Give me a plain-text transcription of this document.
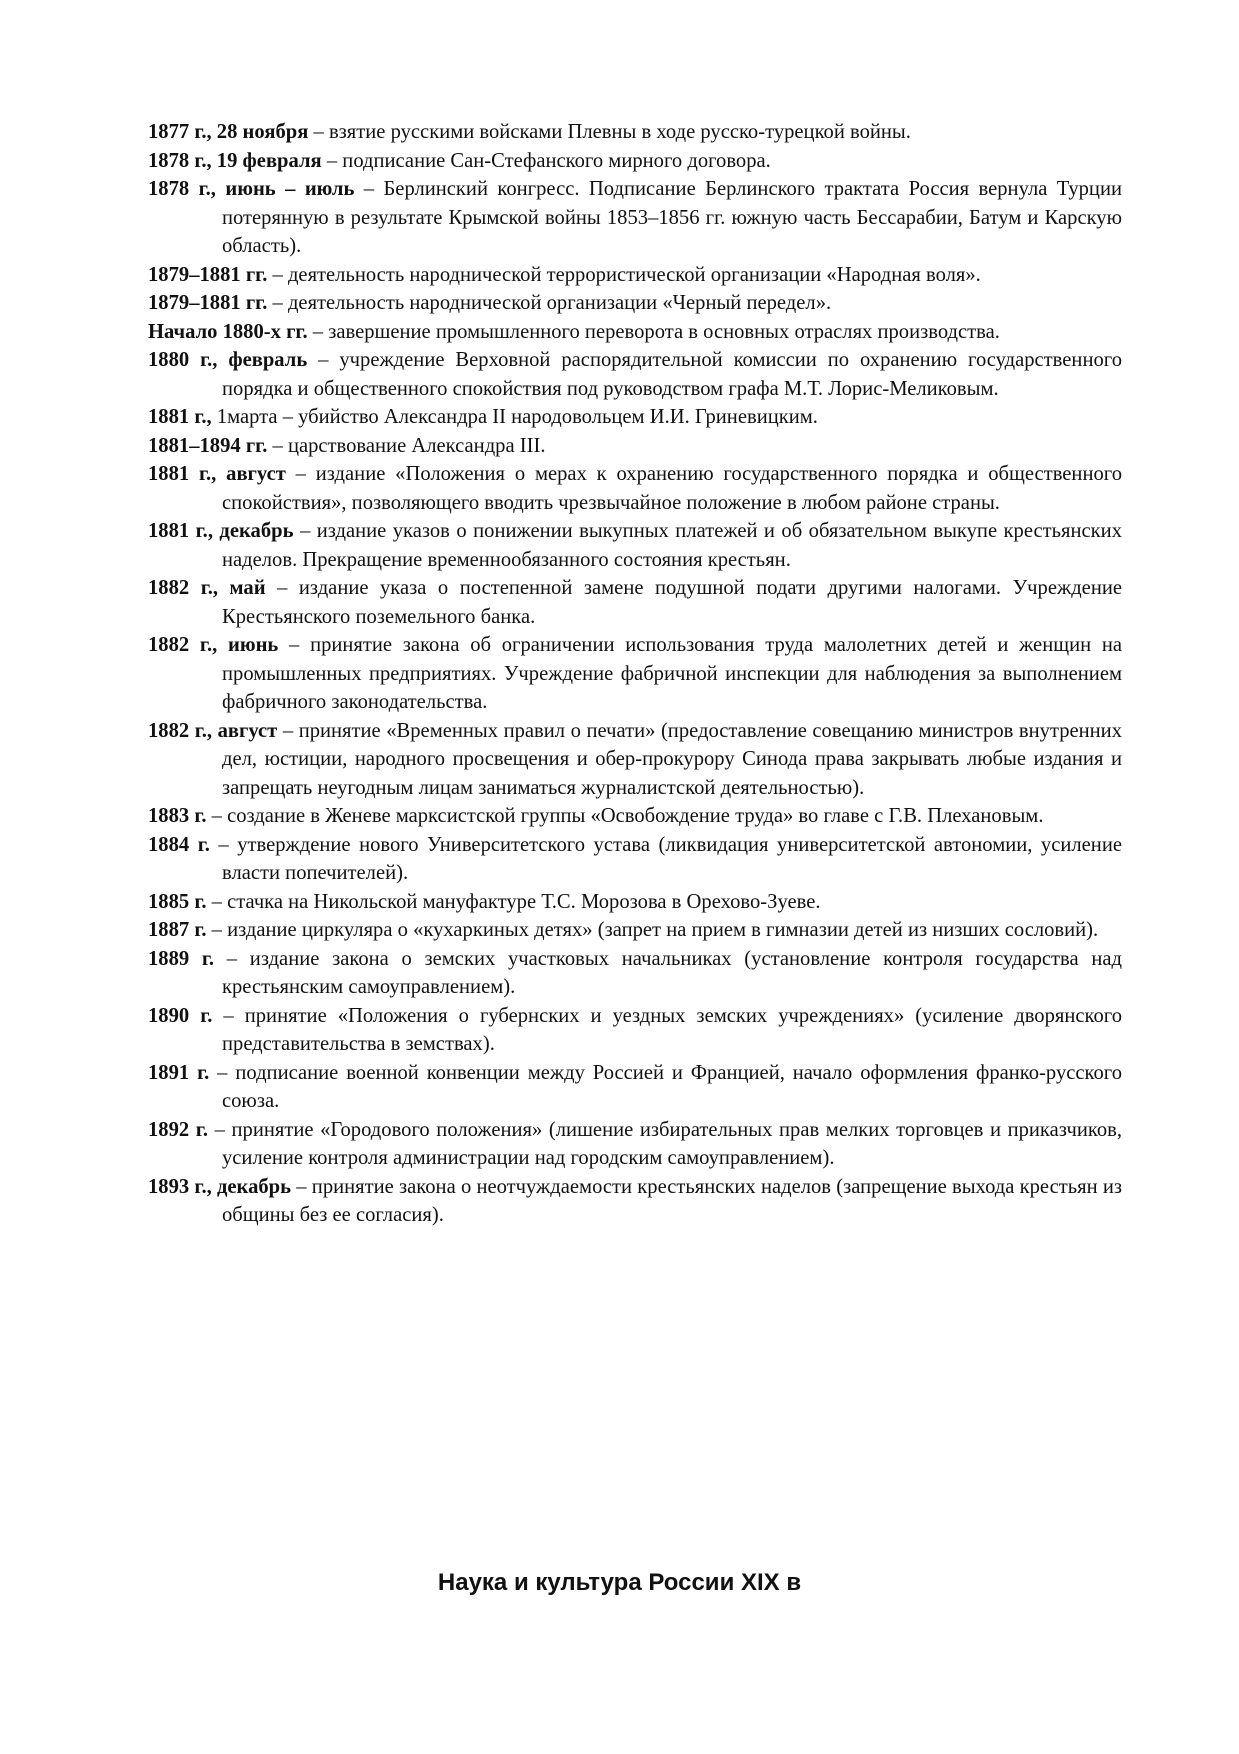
1877 г., 28 ноября – взятие русскими войсками Плевны в ходе русско-турецкой войны.

1878 г., 19 февраля – подписание Сан-Стефанского мирного договора.

1878 г., июнь – июль – Берлинский конгресс. Подписание Берлинского трактата Россия вернула Турции потерянную в результате Крымской войны 1853–1856 гг. южную часть Бессарабии, Батум и Карскую область).

1879–1881 гг. – деятельность народнической террористической организации «Народная воля».

1879–1881 гг. – деятельность народнической организации «Черный передел».

Начало 1880-х гг. – завершение промышленного переворота в основных отраслях производства.

1880 г., февраль – учреждение Верховной распорядительной комиссии по охранению государственного порядка и общественного спокойствия под руководством графа М.Т. Лорис-Меликовым.

1881 г., 1марта – убийство Александра II народовольцем И.И. Гриневицким.

1881–1894 гг. – царствование Александра III.

1881 г., август – издание «Положения о мерах к охранению государственного порядка и общественного спокойствия», позволяющего вводить чрезвычайное положение в любом районе страны.

1881 г., декабрь – издание указов о понижении выкупных платежей и об обязательном выкупе крестьянских наделов. Прекращение временнообязанного состояния крестьян.

1882 г., май – издание указа о постепенной замене подушной подати другими налогами. Учреждение Крестьянского поземельного банка.

1882 г., июнь – принятие закона об ограничении использования труда малолетних детей и женщин на промышленных предприятиях. Учреждение фабричной инспекции для наблюдения за выполнением фабричного законодательства.

1882 г., август – принятие «Временных правил о печати» (предоставление совещанию министров внутренних дел, юстиции, народного просвещения и обер-прокурору Синода права закрывать любые издания и запрещать неугодным лицам заниматься журналистской деятельностью).

1883 г. – создание в Женеве марксистской группы «Освобождение труда» во главе с Г.В. Плехановым.

1884 г. – утверждение нового Университетского устава (ликвидация университетской автономии, усиление власти попечителей).

1885 г. – стачка на Никольской мануфактуре Т.С. Морозова в Орехово-Зуеве.

1887 г. – издание циркуляра о «кухаркиных детях» (запрет на прием в гимназии детей из низших сословий).

1889 г. – издание закона о земских участковых начальниках (установление контроля государства над крестьянским самоуправлением).

1890 г. – принятие «Положения о губернских и уездных земских учреждениях» (усиление дворянского представительства в земствах).

1891 г. – подписание военной конвенции между Россией и Францией, начало оформления франко-русского союза.

1892 г. – принятие «Городового положения» (лишение избирательных прав мелких торговцев и приказчиков, усиление контроля администрации над городским самоуправлением).

1893 г., декабрь – принятие закона о неотчуждаемости крестьянских наделов (запрещение выхода крестьян из общины без ее согласия).

Наука и культура России XIX в
